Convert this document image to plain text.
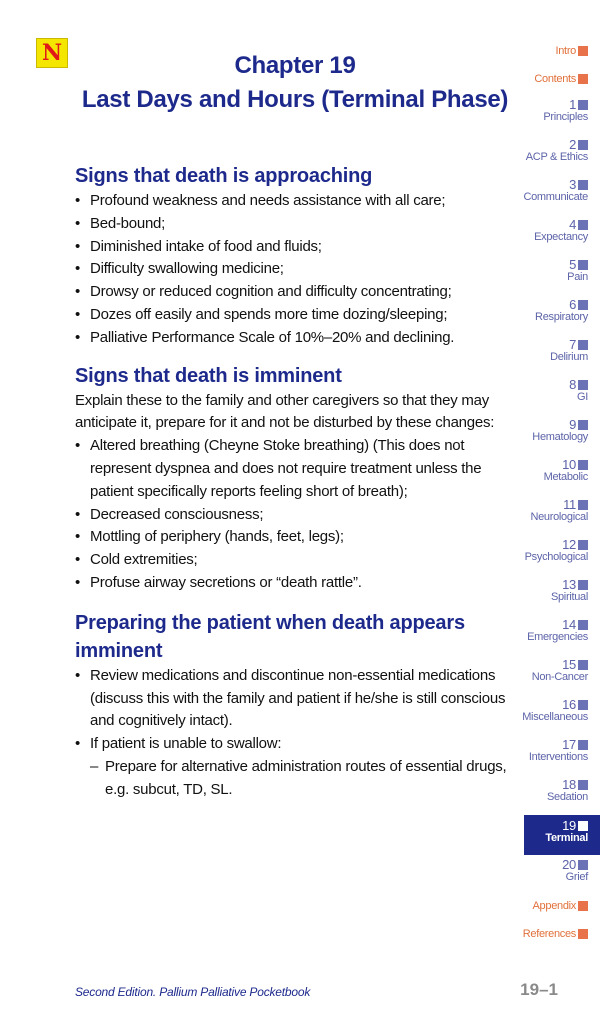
N	Chapter 19
Last Days and Hours (Terminal Phase)
Signs that death is approaching
• Profound weakness and needs assistance with all care;
• Bed-bound;
• Diminished intake of food and fluids;
• Difficulty swallowing medicine;
• Drowsy or reduced cognition and difficulty concentrating;
• Dozes off easily and spends more time dozing/sleeping;
• Palliative Performance Scale of 10%–20% and declining.
Signs that death is imminent
Explain these to the family and other caregivers so that they may anticipate it, prepare for it and not be disturbed by these changes:
• Altered breathing (Cheyne Stoke breathing) (This does not represent dyspnea and does not require treatment unless the patient specifically reports feeling short of breath);
• Decreased consciousness;
• Mottling of periphery (hands, feet, legs);
• Cold extremities;
• Profuse airway secretions or “death rattle”.
Preparing the patient when death appears imminent
• Review medications and discontinue non-essential medications (discuss this with the family and patient if he/she is still conscious and cognitively intact).
• If patient is unable to swallow:
– Prepare for alternative administration routes of essential drugs, e.g. subcut, TD, SL.
Intro
Contents
1
Principles
2
ACP & Ethics
3
Communicate
4
Expectancy
5
Pain
6
Respiratory
7
Delirium
8
GI
9
Hematology
10
Metabolic
11
Neurological
12
Psychological
13
Spiritual
14
Emergencies
15
Non-Cancer
16
Miscellaneous
17
Interventions
18
Sedation
19
Terminal
20
Grief
Appendix
References
Second Edition. Pallium Palliative Pocketbook	19–1
